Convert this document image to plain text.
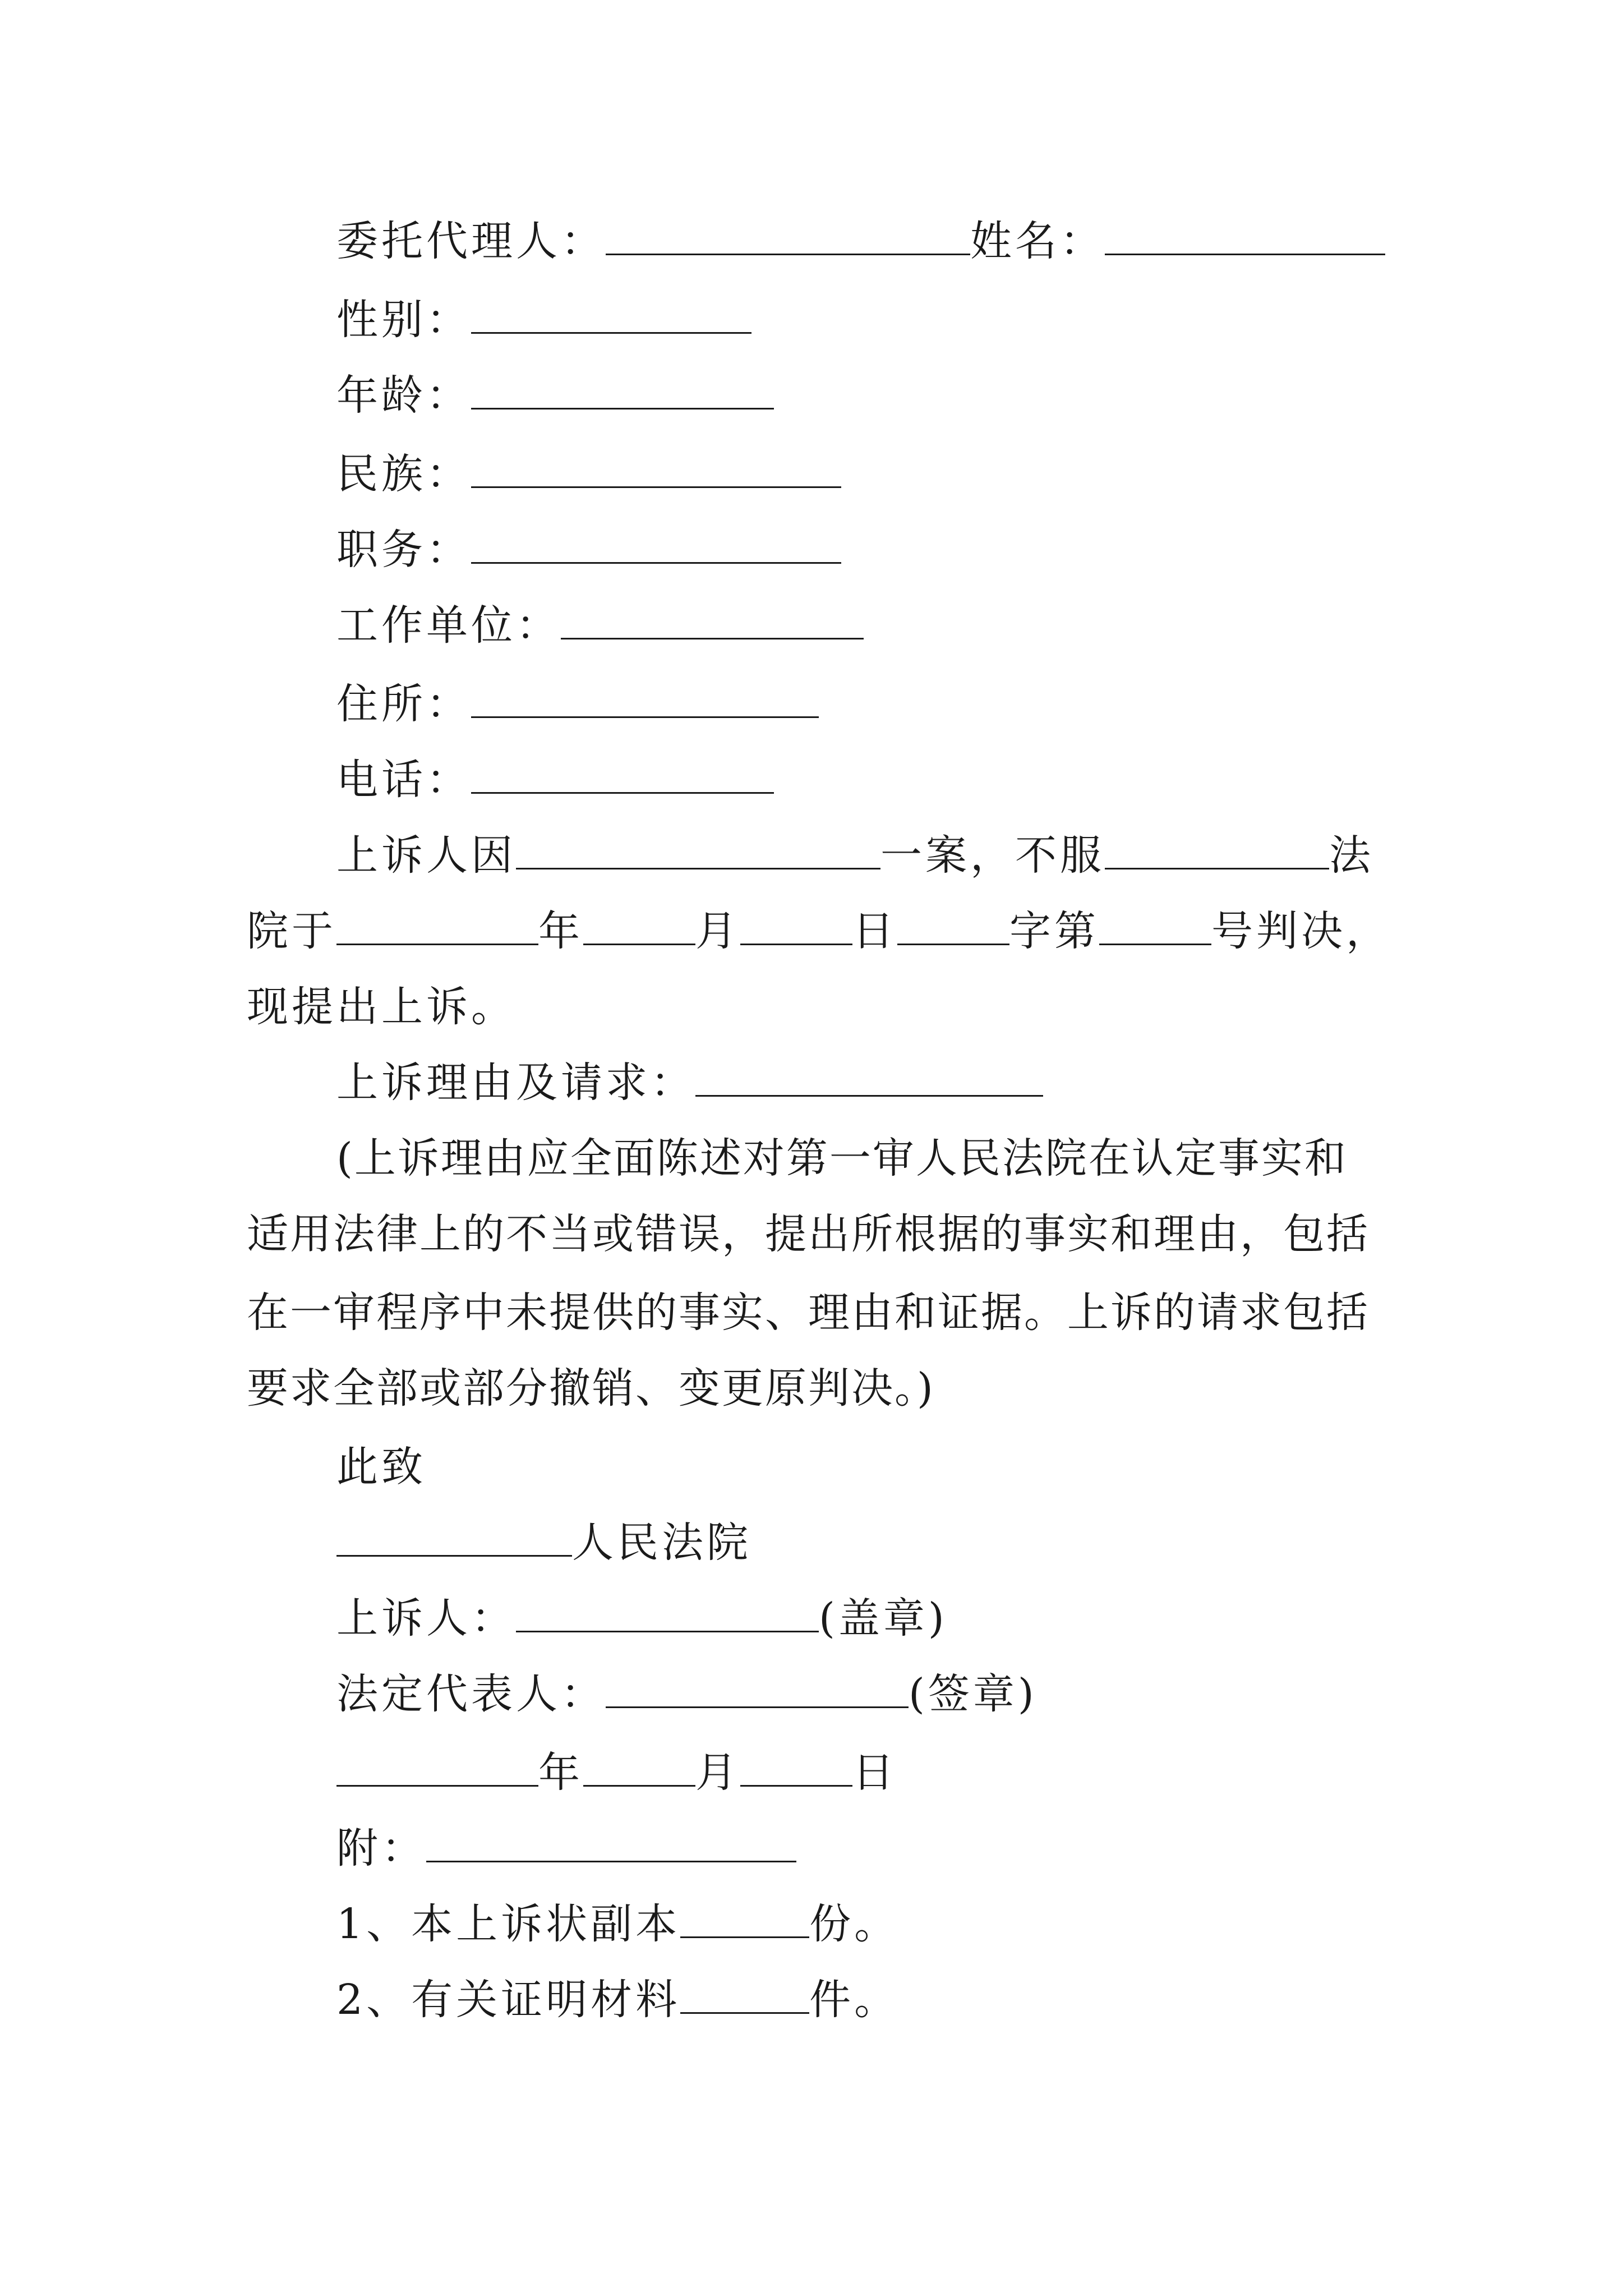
委托代理人：	姓名：
性别：
年龄：
民族：
职务：
工作单位：
住所：
电话：
上诉人因	一案，不服	法
院于	年	月	日	字第	号判决，
现提出上诉。
上诉理由及请求：
(上诉理由应全面陈述对第一审人民法院在认定事实和
适用法律上的不当或错误，提出所根据的事实和理由，包括
在一审程序中未提供的事实、理由和证据。上诉的请求包括
要求全部或部分撤销、变更原判决。)
此致
人民法院
上诉人：	(盖章)
法定代表人：	(签章)
年	月	日
附：
1、本上诉状副本	份。
2、有关证明材料	件。
